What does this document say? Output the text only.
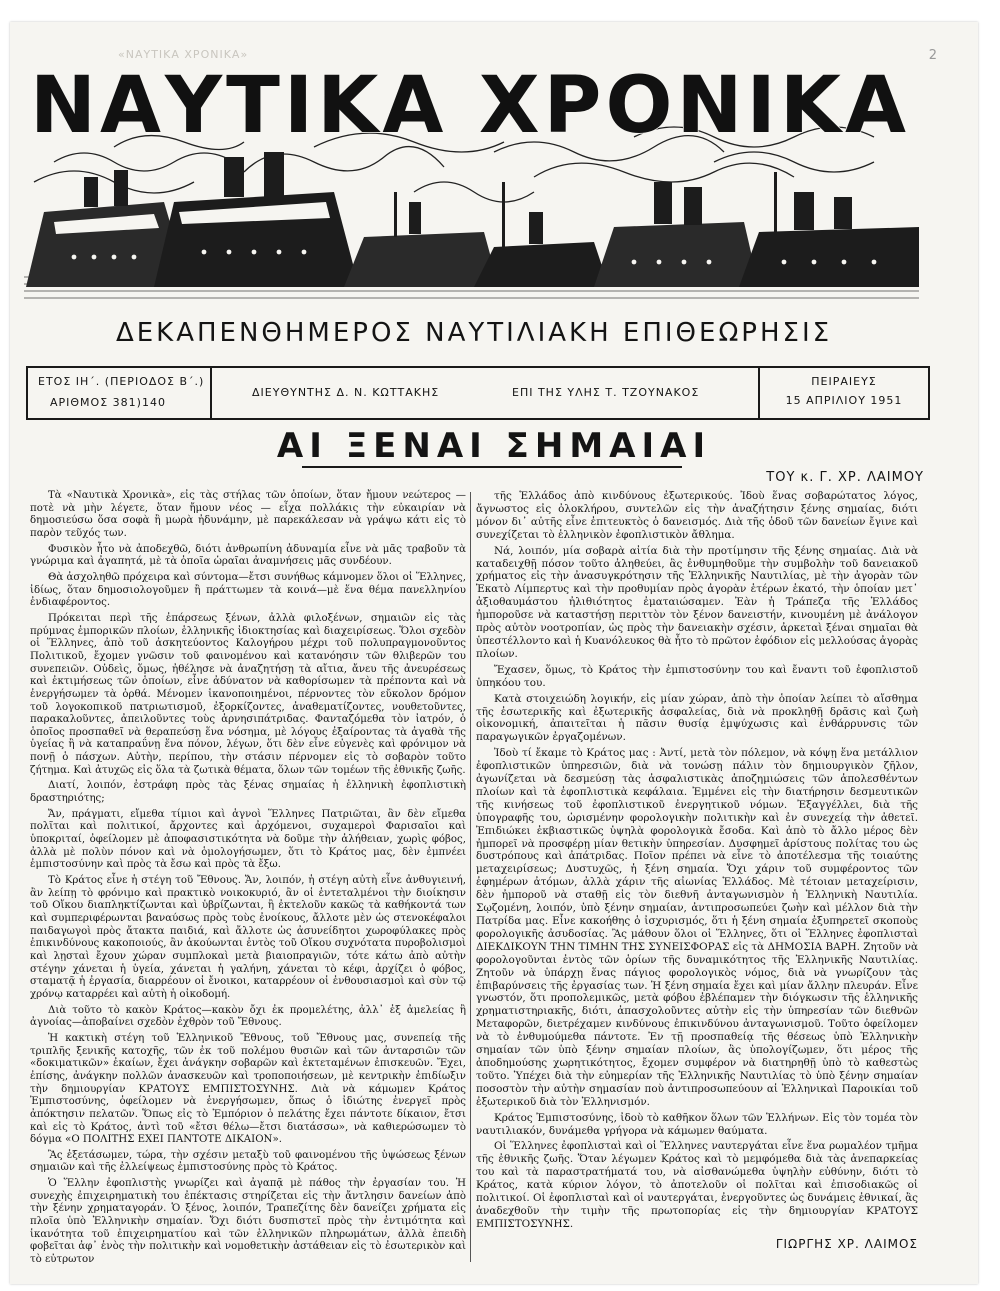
«ΝΑΥΤΙΚΑ ΧΡΟΝΙΚΑ»	2
ΝΑΥΤΙΚΑ ΧΡΟΝΙΚΑ
ΔΕΚΑΠΕΝΘΗΜΕΡΟΣ ΝΑΥΤΙΛΙΑΚΗ ΕΠΙΘΕΩΡΗΣΙΣ
ΕΤΟΣ ΙΗ΄. (ΠΕΡΙΟΔΟΣ Β΄.)
ΑΡΙΘΜΟΣ 381)140
ΔΙΕΥΘΥΝΤΗΣ Δ. Ν. ΚΩΤΤΑΚΗΣ	ΕΠΙ ΤΗΣ ΥΛΗΣ Τ. ΤΖΟΥΝΑΚΟΣ
ΠΕΙΡΑΙΕΥΣ
15 ΑΠΡΙΛΙΟΥ 1951
ΑΙ ΞΕΝΑΙ ΣΗΜΑΙΑΙ
ΤΟΥ κ. Γ. ΧΡ. ΛΑΙΜΟΥ

Τὰ «Ναυτικὰ Χρονικὰ», εἰς τὰς στήλας τῶν ὁποίων, ὅταν ἤμουν νεώτερος — ποτὲ νὰ μὴν λέγετε, ὅταν ἤμουν νέος — εἶχα πολλάκις τὴν εὐκαιρίαν νὰ δημοσιεύσω ὅσα σοφὰ ἢ μωρὰ ἠδυνάμην, μὲ παρεκάλεσαν νὰ γράψω κάτι εἰς τὸ παρὸν τεῦχός των.

Φυσικὸν ἦτο νὰ ἀποδεχθῶ, διότι ἀνθρωπίνη ἀδυναμία εἶνε νὰ μᾶς τραβοῦν τὰ γνώριμα καὶ ἀγαπητά, μὲ τὰ ὁποῖα ὡραῖαι ἀναμνήσεις μᾶς συνδέουν.

Θὰ ἀσχοληθῶ πρόχειρα καὶ σύντομα—ἔτσι συνήθως κάμνομεν ὅλοι οἱ Ἕλληνες, ἰδίως, ὅταν δημοσιολογοῦμεν ἢ πράττωμεν τὰ κοινά—μὲ ἕνα θέμα πανελληνίου ἐνδιαφέροντος.

Πρόκειται περὶ τῆς ἐπάρσεως ξένων, ἀλλὰ φιλοξένων, σημαιῶν εἰς τὰς πρύμνας ἐμπορικῶν πλοίων, ἑλληνικῆς ἰδιοκτησίας καὶ διαχειρίσεως. Ὅλοι σχεδὸν οἱ Ἕλληνες, ἀπὸ τοῦ ἀσκητεύοντος Καλογήρου μέχρι τοῦ πολυπραγμονοῦντος Πολιτικοῦ, ἔχομεν γνῶσιν τοῦ φαινομένου καὶ κατανόησιν τῶν θλιβερῶν του συνεπειῶν. Οὐδεὶς, ὅμως, ἠθέλησε νὰ ἀναζητήσῃ τὰ αἴτια, ἄνευ τῆς ἀνευρέσεως καὶ ἐκτιμήσεως τῶν ὁποίων, εἶνε ἀδύνατον νὰ καθορίσωμεν τὰ πρέποντα καὶ νὰ ἐνεργήσωμεν τὰ ὀρθά. Μένομεν ἱκανοποιημένοι, πέρνοντες τὸν εὔκολον δρόμον τοῦ λογοκοπικοῦ πατριωτισμοῦ, ἐξορκίζοντες, ἀναθεματίζοντες, νουθετοῦντες, παρακαλοῦντες, ἀπειλοῦντες τοὺς ἀρνησιπάτριδας. Φανταζόμεθα τὸν ἰατρόν, ὁ ὁποῖος προσπαθεῖ νὰ θεραπεύσῃ ἕνα νόσημα, μὲ λόγους ἐξαίροντας τὰ ἀγαθὰ τῆς ὑγείας ἢ νὰ καταπραΰνῃ ἕνα πόνον, λέγων, ὅτι δὲν εἶνε εὐγενὲς καὶ φρόνιμον νὰ πονῇ ὁ πάσχων. Αὐτὴν, περίπου, τὴν στάσιν πέρνομεν εἰς τὸ σοβαρὸν τοῦτο ζήτημα. Καὶ ἀτυχῶς εἰς ὅλα τὰ ζωτικὰ θέματα, ὅλων τῶν τομέων τῆς ἐθνικῆς ζωῆς.

Διατί, λοιπόν, ἐστράφη πρὸς τὰς ξένας σημαίας ἡ ἑλληνικὴ ἐφοπλιστικὴ δραστηριότης;

Ἄν, πράγματι, εἴμεθα τίμιοι καὶ ἁγνοὶ Ἕλληνες Πατριῶται, ἂν δὲν εἴμεθα πολῖται καὶ πολιτικοί, ἄρχοντες καὶ ἀρχόμενοι, συχαμεροὶ Φαρισαῖοι καὶ ὑποκριταί, ὀφείλομεν μὲ ἀποφασιστικότητα νὰ δοῦμε τὴν ἀλήθειαν, χωρὶς φόβος, ἀλλὰ μὲ πολὺν πόνον καὶ νὰ ὁμολογήσωμεν, ὅτι τὸ Κράτος μας, δὲν ἐμπνέει ἐμπιστοσύνην καὶ πρὸς τὰ ἔσω καὶ πρὸς τὰ ἔξω.

Τὸ Κράτος εἶνε ἡ στέγη τοῦ Ἔθνους. Ἄν, λοιπόν, ἡ στέγη αὐτὴ εἶνε ἀνθυγιεινή, ἂν λείπῃ τὸ φρόνιμο καὶ πρακτικὸ νοικοκυριό, ἂν οἱ ἐντεταλμένοι τὴν διοίκησιν τοῦ Οἴκου διαπληκτίζωνται καὶ ὑβρίζωνται, ἢ ἐκτελοῦν κακῶς τὰ καθήκοντά των καὶ συμπεριφέρωνται βαναύσως πρὸς τοὺς ἐνοίκους, ἄλλοτε μὲν ὡς στενοκέφαλοι παιδαγωγοὶ πρὸς ἄτακτα παιδιά, καὶ ἄλλοτε ὡς ἀσυνείδητοι χωροφύλακες πρὸς ἐπικινδύνους κακοποιούς, ἂν ἀκούωνται ἐντὸς τοῦ Οἴκου συχνότατα πυροβολισμοὶ καὶ λῃσταὶ ἔχουν χώραν συμπλοκαὶ μετὰ βιαιοπραγιῶν, τότε κάτω ἀπὸ αὐτὴν στέγην χάνεται ἡ ὑγεία, χάνεται ἡ γαλήνη, χάνεται τὸ κέφι, ἀρχίζει ὁ φόβος, σταματᾷ ἡ ἐργασία, διαρρέουν οἱ ἔνοικοι, καταρρέουν οἱ ἐνθουσιασμοὶ καὶ σὺν τῷ χρόνῳ καταρρέει καὶ αὐτὴ ἡ οἰκοδομή.

Διὰ τοῦτο τὸ κακὸν Κράτος—κακὸν ὄχι ἐκ προμελέτης, ἀλλ᾽ ἐξ ἀμελείας ἢ ἀγνοίας—ἀποβαίνει σχεδὸν ἐχθρὸν τοῦ Ἔθνους.

Ἡ κακτικὴ στέγη τοῦ Ἑλληνικοῦ Ἔθνους, τοῦ Ἔθνους μας, συνεπείᾳ τῆς τριπλῆς ξενικῆς κατοχῆς, τῶν ἐκ τοῦ πολέμου θυσιῶν καὶ τῶν ἀνταρσιῶν τῶν «δοκιματικῶν» ἐκαίων, ἔχει ἀνάγκην σοβαρῶν καὶ ἐκτεταμένων ἐπισκευῶν. Ἔχει, ἐπίσης, ἀνάγκην πολλῶν ἀνασκευῶν καὶ τροποποιήσεων, μὲ κεντρικὴν ἐπιδίωξιν τὴν δημιουργίαν ΚΡΑΤΟΥΣ ΕΜΠΙΣΤΟΣΥΝΗΣ. Διὰ νὰ κάμωμεν Κράτος Ἐμπιστοσύνης, ὀφείλομεν νὰ ἐνεργήσωμεν, ὅπως ὁ ἰδιώτης ἐνεργεῖ πρὸς ἀπόκτησιν πελατῶν. Ὅπως εἰς τὸ Ἐμπόριον ὁ πελάτης ἔχει πάντοτε δίκαιον, ἔτσι καὶ εἰς τὸ Κράτος, ἀντὶ τοῦ «ἔτσι θέλω—ἔτσι διατάσσω», νὰ καθιερώσωμεν τὸ δόγμα «Ο ΠΟΛΙΤΗΣ ΕΧΕΙ ΠΑΝΤΟΤΕ ΔΙΚΑΙΟΝ».

Ἂς ἐξετάσωμεν, τώρα, τὴν σχέσιν μεταξὺ τοῦ φαινομένου τῆς ὑψώσεως ξένων σημαιῶν καὶ τῆς ἐλλείψεως ἐμπιστοσύνης πρὸς τὸ Κράτος.

Ὁ Ἕλλην ἐφοπλιστὴς γνωρίζει καὶ ἀγαπᾷ μὲ πάθος τὴν ἐργασίαν του. Ἡ συνεχὴς ἐπιχειρηματικὴ του ἐπέκτασις στηρίζεται εἰς τὴν ἄντλησιν δανείων ἀπὸ τὴν ξένην χρηματαγοράν. Ὁ ξένος, λοιπόν, Τραπεζίτης δὲν δανείζει χρήματα εἰς πλοῖα ὑπὸ Ἑλληνικὴν σημαίαν. Ὄχι διότι δυσπιστεῖ πρὸς τὴν ἐντιμότητα καὶ ἱκανότητα τοῦ ἐπιχειρηματίου καὶ τῶν ἑλληνικῶν πληρωμάτων, ἀλλὰ ἐπειδὴ φοβεῖται ἀφ᾽ ἑνὸς τὴν πολιτικὴν καὶ νομοθετικὴν ἀστάθειαν εἰς τὸ ἐσωτερικὸν καὶ τὸ εὐτρωτον

τῆς Ἑλλάδος ἀπὸ κινδύνους ἐξωτερικούς. Ἰδοὺ ἕνας σοβαρώτατος λόγος, ἄγνωστος εἰς ὀλοκλήρου, συντελῶν εἰς τὴν ἀναζήτησιν ξένης σημαίας, διότι μόνον δι᾽ αὐτῆς εἶνε ἐπιτευκτὸς ὁ δανεισμός. Διὰ τῆς ὁδοῦ τῶν δανείων ἔγινε καὶ συνεχίζεται τὸ ἑλληνικὸν ἐφοπλιστικὸν ἄθλημα.

Νά, λοιπόν, μία σοβαρὰ αἰτία διὰ τὴν προτίμησιν τῆς ξένης σημαίας. Διὰ νὰ καταδειχθῇ πόσον τοῦτο ἀληθεύει, ἂς ἐνθυμηθοῦμε τὴν συμβολὴν τοῦ δανειακοῦ χρήματος εἰς τὴν ἀνασυγκρότησιν τῆς Ἑλληνικῆς Ναυτιλίας, μὲ τὴν ἀγορὰν τῶν Ἑκατὸ Λίμπερτυς καὶ τὴν προθυμίαν πρὸς ἀγορὰν ἑτέρων ἑκατό, τὴν ὁποίαν μετ᾽ ἀξιοθαυμάστου ἠλιθιότητος ἐματαιώσαμεν. Ἐὰν ἡ Τράπεζα τῆς Ἑλλάδος ἠμποροῦσε νὰ καταστήσῃ περιττὸν τὸν ξένον δανειστήν, κινουμένη μὲ ἀνάλογον πρὸς αὐτὸν νοοτροπίαν, ὡς πρὸς τὴν δανειακὴν σχέσιν, ἀρκεταὶ ξέναι σημαῖαι θὰ ὑπεστέλλοντο καὶ ἡ Κυανόλευκος θὰ ἦτο τὸ πρῶτον ἐφόδιον εἰς μελλούσας ἀγορὰς πλοίων.

Ἔχασεν, ὅμως, τὸ Κράτος τὴν ἐμπιστοσύνην του καὶ ἔναντι τοῦ ἐφοπλιστοῦ ὑπηκόου του.

Κατὰ στοιχειώδη λογικήν, εἰς μίαν χώραν, ἀπὸ τὴν ὁποίαν λείπει τὸ αἴσθημα τῆς ἐσωτερικῆς καὶ ἐξωτερικῆς ἀσφαλείας, διὰ νὰ προκληθῇ δρᾶσις καὶ ζωὴ οἰκονομική, ἀπαιτεῖται ἡ πᾶσιν θυσίᾳ ἐμψύχωσις καὶ ἐνθάρρυνσις τῶν παραγωγικῶν ἐργαζομένων.

Ἰδοὺ τί ἔκαμε τὸ Κράτος μας : Ἀντί, μετὰ τὸν πόλεμον, νὰ κόψῃ ἕνα μετάλλιον ἐφοπλιστικῶν ὑπηρεσιῶν, διὰ νὰ τονώσῃ πάλιν τὸν δημιουργικὸν ζῆλον, ἀγωνίζεται νὰ δεσμεύσῃ τὰς ἀσφαλιστικὰς ἀποζημιώσεις τῶν ἀπολεσθέντων πλοίων καὶ τὰ ἐφοπλιστικὰ κεφάλαια. Ἐμμένει εἰς τὴν διατήρησιν δεσμευτικῶν τῆς κινήσεως τοῦ ἐφοπλιστικοῦ ἐνεργητικοῦ νόμων. Ἐξαγγέλλει, διὰ τῆς ὑπογραφῆς του, ὡρισμένην φορολογικὴν πολιτικὴν καὶ ἐν συνεχείᾳ τὴν ἀθετεῖ. Ἐπιδιώκει ἐκβιαστικῶς ὑψηλὰ φορολογικὰ ἔσοδα. Καὶ ἀπὸ τὸ ἄλλο μέρος δὲν ἠμπορεῖ νὰ προσφέρῃ μίαν θετικὴν ὑπηρεσίαν. Δυσφημεῖ ἀρίστους πολίτας του ὡς δυστρόπους καὶ ἀπάτριδας. Ποῖον πρέπει νὰ εἶνε τὸ ἀποτέλεσμα τῆς τοιαύτης μεταχειρίσεως; Δυστυχῶς, ἡ ξένη σημαία. Ὄχι χάριν τοῦ συμφέροντος τῶν ἐφημέρων ἀτόμων, ἀλλὰ χάριν τῆς αἰωνίας Ἑλλάδος. Μὲ τέτοιαν μεταχείρισιν, δὲν ἠμποροῦ νὰ σταθῇ εἰς τὸν διεθνῆ ἀνταγωνισμὸν ἡ Ἑλληνικὴ Ναυτιλία. Σῳζομένη, λοιπόν, ὑπὸ ξένην σημαίαν, ἀντιπροσωπεύει ζωὴν καὶ μέλλον διὰ τὴν Πατρίδα μας. Εἶνε κακοήθης ὁ ἰσχυρισμός, ὅτι ἡ ξένη σημαία ἐξυπηρετεῖ σκοποὺς φορολογικῆς ἀσυδοσίας. Ἂς μάθουν ὅλοι οἱ Ἕλληνες, ὅτι οἱ Ἕλληνες ἐφοπλισταὶ ΔΙΕΚΔΙΚΟΥΝ ΤΗΝ ΤΙΜΗΝ ΤΗΣ ΣΥΝΕΙΣΦΟΡΑΣ εἰς τὰ ΔΗΜΟΣΙΑ ΒΑΡΗ. Ζητοῦν νὰ φορολογοῦνται ἐντὸς τῶν ὁρίων τῆς δυναμικότητος τῆς Ἑλληνικῆς Ναυτιλίας. Ζητοῦν νὰ ὑπάρχῃ ἕνας πάγιος φορολογικὸς νόμος, διὰ νὰ γνωρίζουν τὰς ἐπιβαρύνσεις τῆς ἐργασίας των. Ἡ ξένη σημαία ἔχει καὶ μίαν ἄλλην πλευράν. Εἶνε γνωστόν, ὅτι προπολεμικῶς, μετὰ φόβου ἐβλέπαμεν τὴν διόγκωσιν τῆς ἑλληνικῆς χρηματιστηριακῆς, διότι, ἀπασχολοῦντες αὐτὴν εἰς τὴν ὑπηρεσίαν τῶν διεθνῶν Μεταφορῶν, διετρέχαμεν κινδύνους ἐπικινδύνου ἀνταγωνισμοῦ. Τοῦτο ὀφείλομεν νὰ τὸ ἐνθυμούμεθα πάντοτε. Ἐν τῇ προσπαθείᾳ τῆς θέσεως ὑπὸ Ἑλληνικὴν σημαίαν τῶν ὑπὸ ξένην σημαίαν πλοίων, ἂς ὑπολογίζωμεν, ὅτι μέρος τῆς ἀποδημούσης χωρητικότητος, ἔχομεν συμφέρον νὰ διατηρηθῇ ὑπὸ τὸ καθεστὼς τοῦτο. Ὑπέχει διὰ τὴν εὐημερίαν τῆς Ἑλληνικῆς Ναυτιλίας τὸ ὑπὸ ξένην σημαίαν ποσοστὸν τὴν αὐτὴν σημασίαν ποὺ ἀντιπροσωπεύουν αἱ Ἑλληνικαὶ Παροικίαι τοῦ ἐξωτερικοῦ διὰ τὸν Ἑλληνισμόν.

Κράτος Ἐμπιστοσύνης, ἰδοὺ τὸ καθῆκον ὅλων τῶν Ἑλλήνων. Εἰς τὸν τομέα τὸν ναυτιλιακόν, δυνάμεθα γρήγορα νὰ κάμωμεν θαύματα.

Οἱ Ἕλληνες ἐφοπλισταὶ καὶ οἱ Ἕλληνες ναυτεργάται εἶνε ἕνα ρωμαλέον τμῆμα τῆς ἐθνικῆς ζωῆς. Ὅταν λέγωμεν Κράτος καὶ τὸ μεμφόμεθα διὰ τὰς ἀνεπαρκείας του καὶ τὰ παραστρατήματά του, νὰ αἰσθανώμεθα ὑψηλὴν εὐθύνην, διότι τὸ Κράτος, κατὰ κύριον λόγον, τὸ ἀποτελοῦν οἱ πολῖται καὶ ἐπισοδιακῶς οἱ πολιτικοί. Οἱ ἐφοπλισταὶ καὶ οἱ ναυτεργάται, ἐνεργοῦντες ὡς δυνάμεις ἐθνικαί, ἂς ἀναδεχθοῦν τὴν τιμὴν τῆς πρωτοπορίας εἰς τὴν δημιουργίαν ΚΡΑΤΟΥΣ ΕΜΠΙΣΤΟΣΥΝΗΣ.

ΓΙΩΡΓΗΣ ΧΡ. ΛΑΙΜΟΣ
